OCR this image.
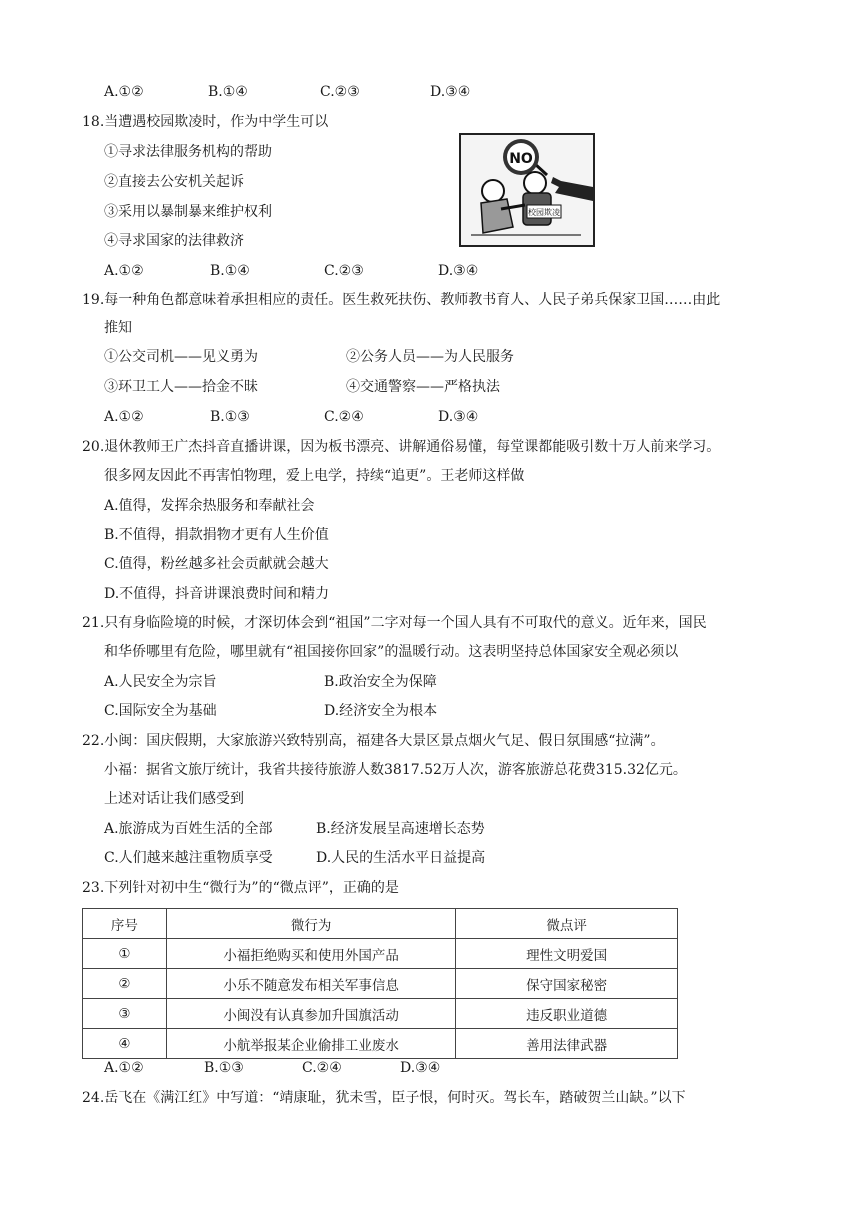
A.①②	B.①④	C.②③	D.③④
18.当遭遇校园欺凌时，作为中学生可以
①寻求法律服务机构的帮助
②直接去公安机关起诉
③采用以暴制暴来维护权利
④寻求国家的法律救济
NO
校园欺凌
A.①②	B.①④	C.②③	D.③④
19.每一种角色都意味着承担相应的责任。医生救死扶伤、教师教书育人、人民子弟兵保家卫国……由此
推知
①公交司机——见义勇为	②公务人员——为人民服务
③环卫工人——拾金不昧	④交通警察——严格执法
A.①②	B.①③	C.②④	D.③④
20.退休教师王广杰抖音直播讲课，因为板书漂亮、讲解通俗易懂，每堂课都能吸引数十万人前来学习。
很多网友因此不再害怕物理，爱上电学，持续“追更”。王老师这样做
A.值得，发挥余热服务和奉献社会
B.不值得，捐款捐物才更有人生价值
C.值得，粉丝越多社会贡献就会越大
D.不值得，抖音讲课浪费时间和精力
21.只有身临险境的时候，才深切体会到“祖国”二字对每一个国人具有不可取代的意义。近年来，国民
和华侨哪里有危险，哪里就有“祖国接你回家”的温暖行动。这表明坚持总体国家安全观必须以
A.人民安全为宗旨	B.政治安全为保障
C.国际安全为基础	D.经济安全为根本
22.小闽：国庆假期，大家旅游兴致特别高，福建各大景区景点烟火气足、假日氛围感“拉满”。
小福：据省文旅厅统计，我省共接待旅游人数3817.52万人次，游客旅游总花费315.32亿元。
上述对话让我们感受到
A.旅游成为百姓生活的全部	B.经济发展呈高速增长态势
C.人们越来越注重物质享受	D.人民的生活水平日益提高
23.下列针对初中生“微行为”的“微点评”，正确的是
序号	微行为	微点评
①	小福拒绝购买和使用外国产品	理性文明爱国
②	小乐不随意发布相关军事信息	保守国家秘密
③	小闽没有认真参加升国旗活动	违反职业道德
④	小航举报某企业偷排工业废水	善用法律武器
A.①②	B.①③	C.②④	D.③④
24.岳飞在《满江红》中写道：“靖康耻，犹未雪，臣子恨，何时灭。驾长车，踏破贺兰山缺。”以下
